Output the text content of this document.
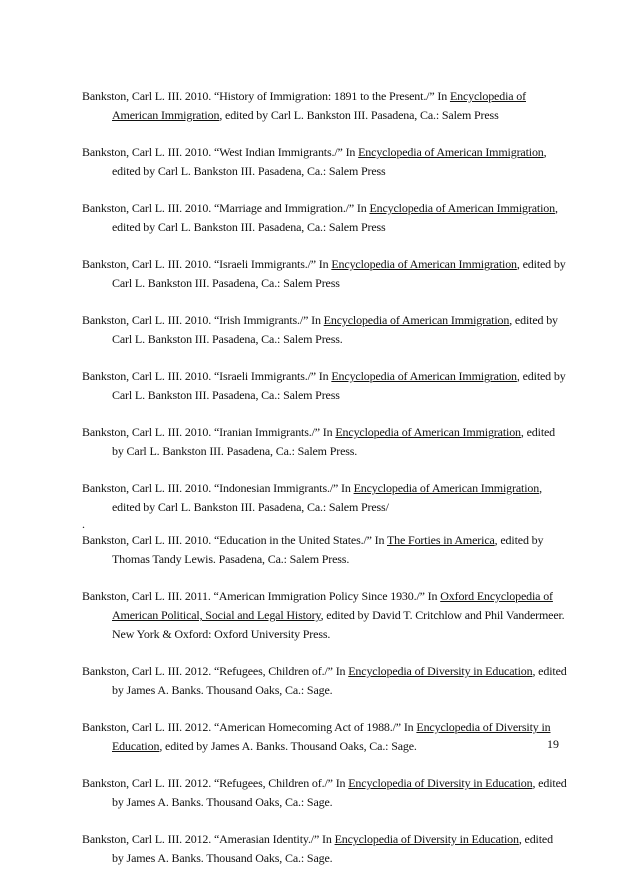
Bankston, Carl L. III. 2010. “History of Immigration: 1891 to the Present./” In Encyclopedia of American Immigration, edited by Carl L. Bankston III. Pasadena, Ca.: Salem Press

Bankston, Carl L. III. 2010. “West Indian Immigrants./” In Encyclopedia of American Immigration, edited by Carl L. Bankston III. Pasadena, Ca.: Salem Press

Bankston, Carl L. III. 2010. “Marriage and Immigration./” In Encyclopedia of American Immigration, edited by Carl L. Bankston III. Pasadena, Ca.: Salem Press

Bankston, Carl L. III. 2010. “Israeli Immigrants./” In Encyclopedia of American Immigration, edited by Carl L. Bankston III. Pasadena, Ca.: Salem Press

Bankston, Carl L. III. 2010. “Irish Immigrants./” In Encyclopedia of American Immigration, edited by Carl L. Bankston III. Pasadena, Ca.: Salem Press.

Bankston, Carl L. III. 2010. “Israeli Immigrants./” In Encyclopedia of American Immigration, edited by Carl L. Bankston III. Pasadena, Ca.: Salem Press

Bankston, Carl L. III. 2010. “Iranian Immigrants./” In Encyclopedia of American Immigration, edited by Carl L. Bankston III. Pasadena, Ca.: Salem Press.

Bankston, Carl L. III. 2010. “Indonesian Immigrants./” In Encyclopedia of American Immigration, edited by Carl L. Bankston III. Pasadena, Ca.: Salem Press/

.

Bankston, Carl L. III. 2010. “Education in the United States./” In The Forties in America, edited by Thomas Tandy Lewis. Pasadena, Ca.: Salem Press.

Bankston, Carl L. III. 2011. “American Immigration Policy Since 1930./” In Oxford Encyclopedia of American Political, Social and Legal History, edited by David T. Critchlow and Phil Vandermeer. New York & Oxford: Oxford University Press.

Bankston, Carl L. III. 2012. “Refugees, Children of./” In Encyclopedia of Diversity in Education, edited by James A. Banks. Thousand Oaks, Ca.: Sage.

Bankston, Carl L. III. 2012. “American Homecoming Act of 1988./” In Encyclopedia of Diversity in Education, edited by James A. Banks. Thousand Oaks, Ca.: Sage.

Bankston, Carl L. III. 2012. “Refugees, Children of./” In Encyclopedia of Diversity in Education, edited by James A. Banks. Thousand Oaks, Ca.: Sage.

Bankston, Carl L. III. 2012. “Amerasian Identity./” In Encyclopedia of Diversity in Education, edited by James A. Banks. Thousand Oaks, Ca.: Sage.

19
